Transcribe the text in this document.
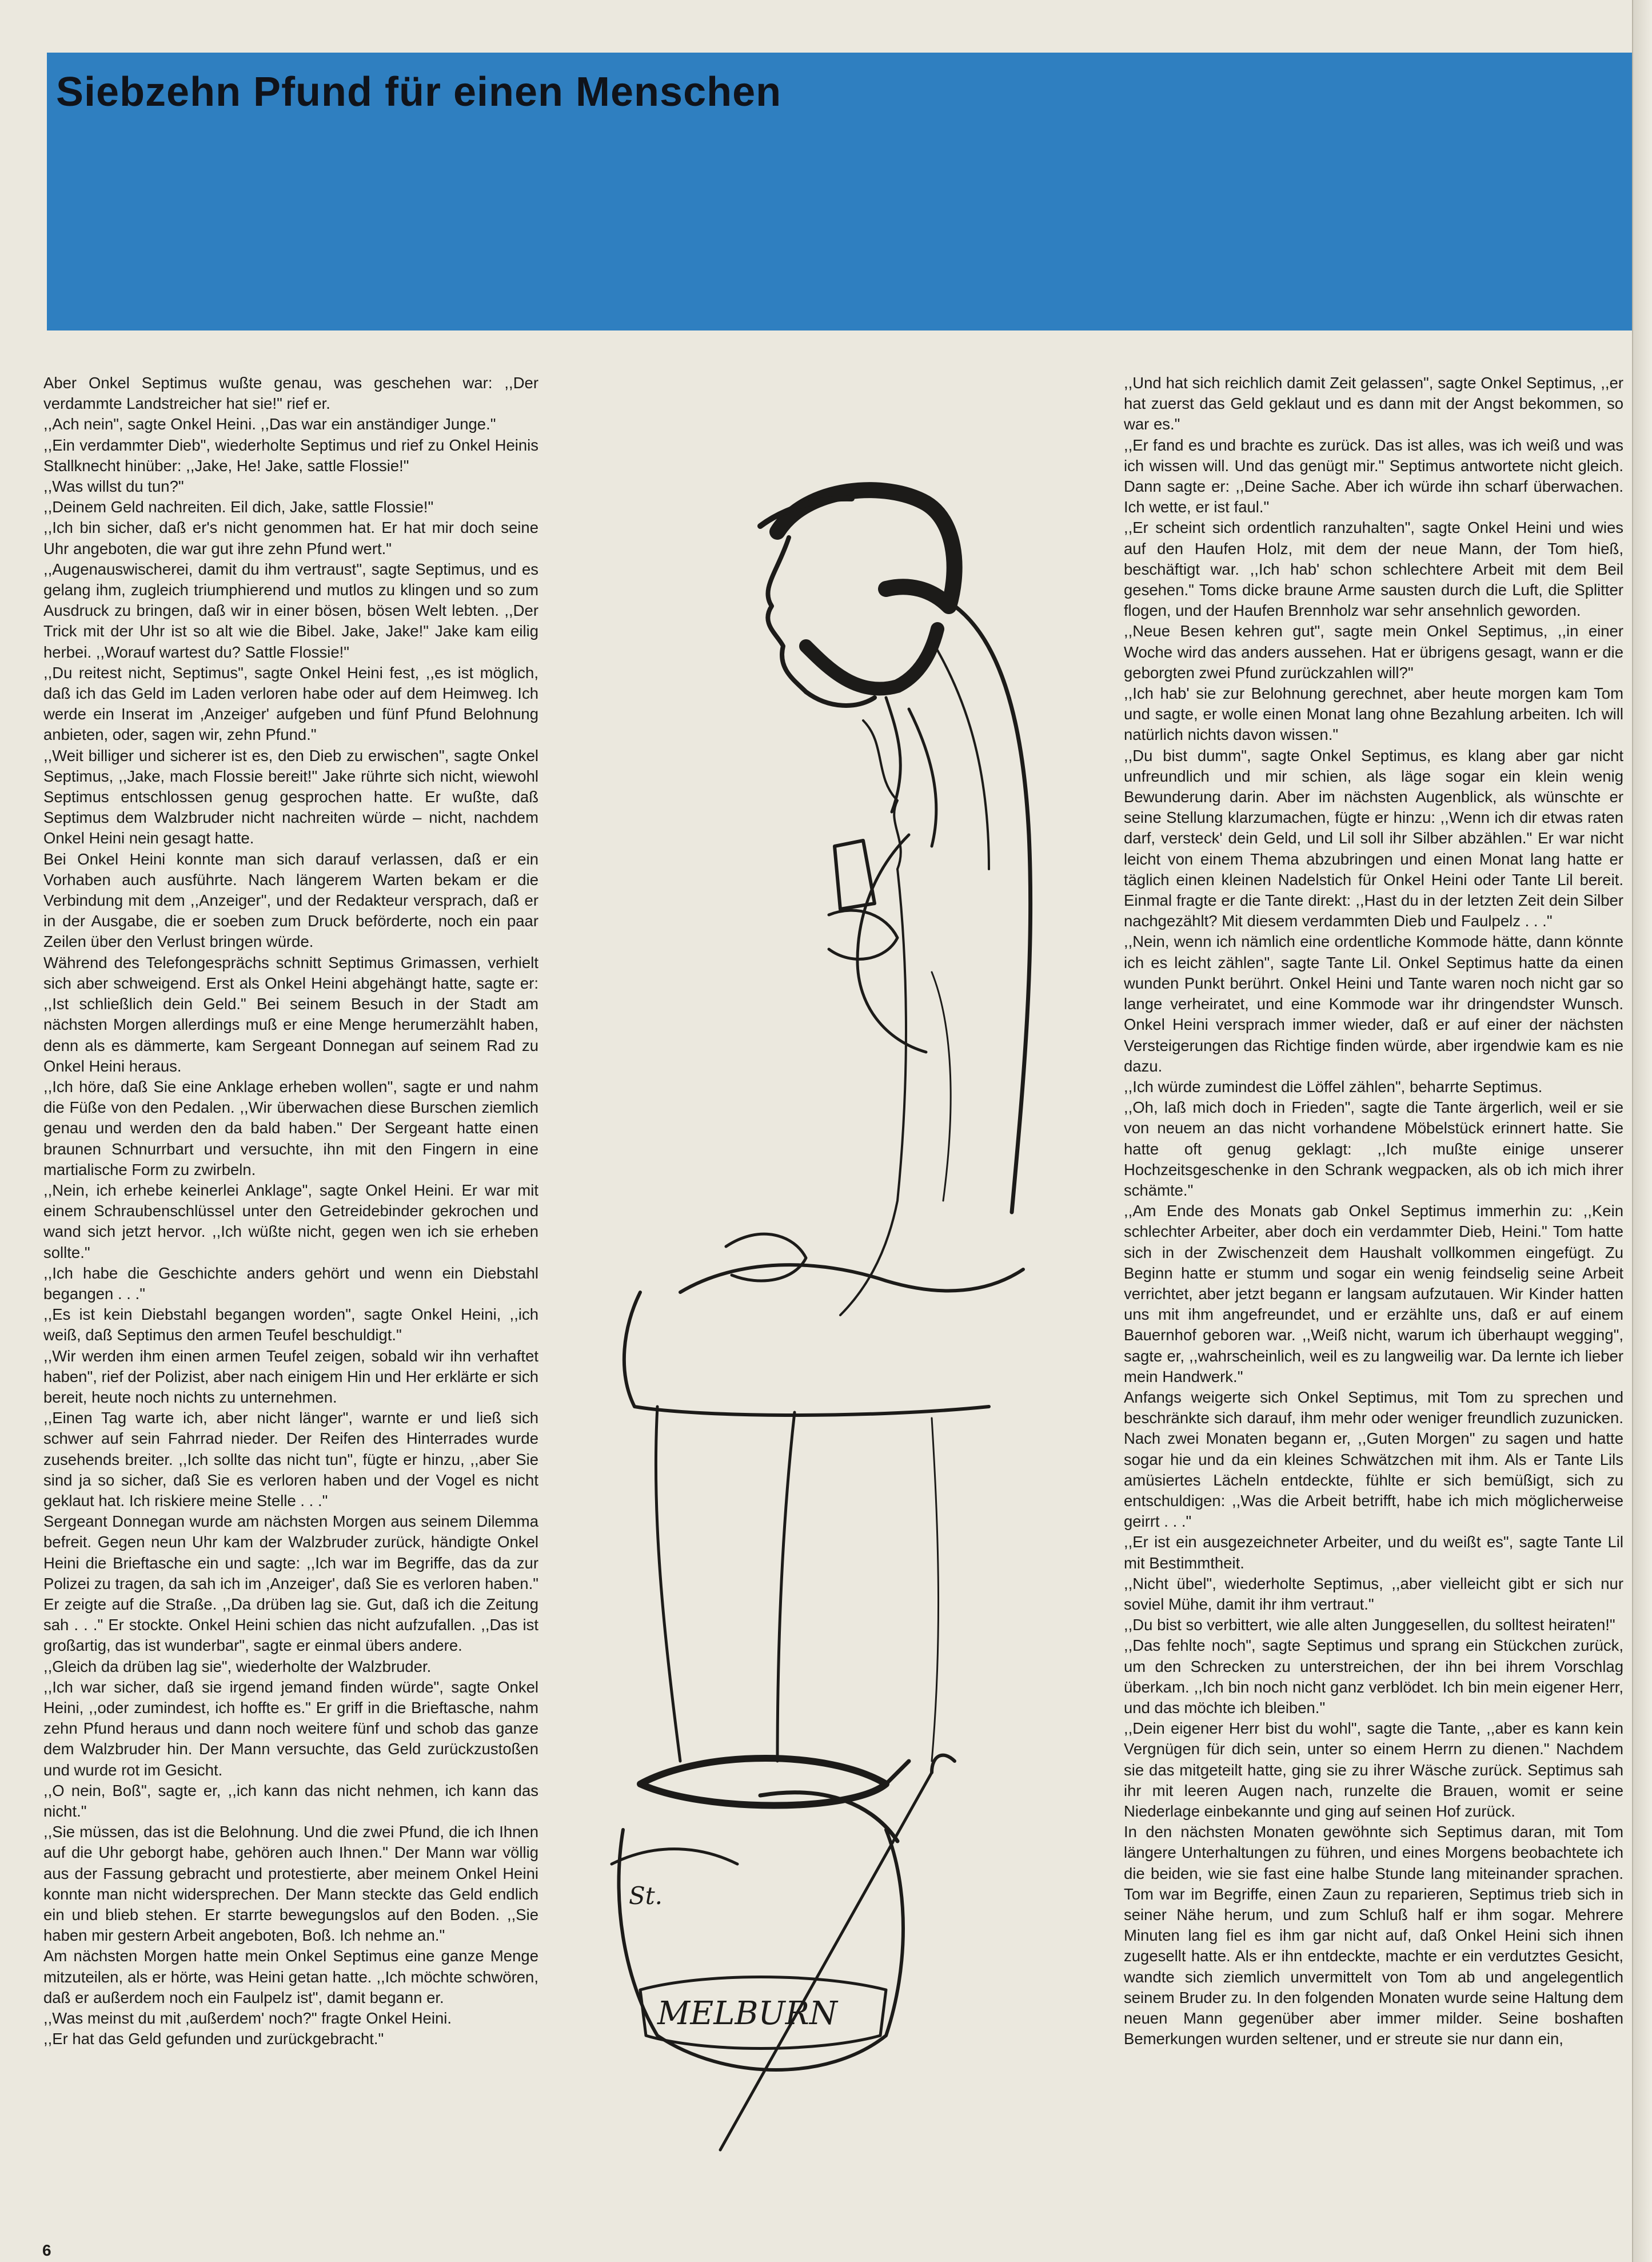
Siebzehn Pfund für einen Menschen

Aber Onkel Septimus wußte genau, was geschehen war: ,,Der verdammte Landstreicher hat sie!" rief er.

,,Ach nein", sagte Onkel Heini. ,,Das war ein anständiger Junge."

,,Ein verdammter Dieb", wiederholte Septimus und rief zu Onkel Heinis Stallknecht hinüber: ,,Jake, He! Jake, sattle Flossie!"

,,Was willst du tun?"

,,Deinem Geld nachreiten. Eil dich, Jake, sattle Flossie!"

,,Ich bin sicher, daß er's nicht genommen hat. Er hat mir doch seine Uhr angeboten, die war gut ihre zehn Pfund wert."

,,Augenauswischerei, damit du ihm vertraust", sagte Septimus, und es gelang ihm, zugleich triumphierend und mutlos zu klingen und so zum Ausdruck zu bringen, daß wir in einer bösen, bösen Welt lebten. ,,Der Trick mit der Uhr ist so alt wie die Bibel. Jake, Jake!" Jake kam eilig herbei. ,,Worauf wartest du? Sattle Flossie!"

,,Du reitest nicht, Septimus", sagte Onkel Heini fest, ,,es ist möglich, daß ich das Geld im Laden verloren habe oder auf dem Heimweg. Ich werde ein Inserat im ,Anzeiger' aufgeben und fünf Pfund Belohnung anbieten, oder, sagen wir, zehn Pfund."

,,Weit billiger und sicherer ist es, den Dieb zu erwischen", sagte Onkel Septimus, ,,Jake, mach Flossie bereit!" Jake rührte sich nicht, wiewohl Septimus entschlossen genug gesprochen hatte. Er wußte, daß Septimus dem Walzbruder nicht nachreiten würde – nicht, nachdem Onkel Heini nein gesagt hatte.

Bei Onkel Heini konnte man sich darauf verlassen, daß er ein Vorhaben auch ausführte. Nach längerem Warten bekam er die Verbindung mit dem ,,Anzeiger", und der Redakteur versprach, daß er in der Ausgabe, die er soeben zum Druck beförderte, noch ein paar Zeilen über den Verlust bringen würde.

Während des Telefongesprächs schnitt Septimus Grimassen, verhielt sich aber schweigend. Erst als Onkel Heini abgehängt hatte, sagte er: ,,Ist schließlich dein Geld." Bei seinem Besuch in der Stadt am nächsten Morgen allerdings muß er eine Menge herumerzählt haben, denn als es dämmerte, kam Sergeant Donnegan auf seinem Rad zu Onkel Heini heraus.

,,Ich höre, daß Sie eine Anklage erheben wollen", sagte er und nahm die Füße von den Pedalen. ,,Wir überwachen diese Burschen ziemlich genau und werden den da bald haben." Der Sergeant hatte einen braunen Schnurrbart und versuchte, ihn mit den Fingern in eine martialische Form zu zwirbeln.

,,Nein, ich erhebe keinerlei Anklage", sagte Onkel Heini. Er war mit einem Schraubenschlüssel unter den Getreidebinder gekrochen und wand sich jetzt hervor. ,,Ich wüßte nicht, gegen wen ich sie erheben sollte."

,,Ich habe die Geschichte anders gehört und wenn ein Diebstahl begangen . . ."

,,Es ist kein Diebstahl begangen worden", sagte Onkel Heini, ,,ich weiß, daß Septimus den armen Teufel beschuldigt."

,,Wir werden ihm einen armen Teufel zeigen, sobald wir ihn verhaftet haben", rief der Polizist, aber nach einigem Hin und Her erklärte er sich bereit, heute noch nichts zu unternehmen.

,,Einen Tag warte ich, aber nicht länger", warnte er und ließ sich schwer auf sein Fahrrad nieder. Der Reifen des Hinterrades wurde zusehends breiter. ,,Ich sollte das nicht tun", fügte er hinzu, ,,aber Sie sind ja so sicher, daß Sie es verloren haben und der Vogel es nicht geklaut hat. Ich riskiere meine Stelle . . ."

Sergeant Donnegan wurde am nächsten Morgen aus seinem Dilemma befreit. Gegen neun Uhr kam der Walzbruder zurück, händigte Onkel Heini die Brieftasche ein und sagte: ,,Ich war im Begriffe, das da zur Polizei zu tragen, da sah ich im ,Anzeiger', daß Sie es verloren haben." Er zeigte auf die Straße. ,,Da drüben lag sie. Gut, daß ich die Zeitung sah . . ." Er stockte. Onkel Heini schien das nicht aufzufallen. ,,Das ist großartig, das ist wunderbar", sagte er einmal übers andere.

,,Gleich da drüben lag sie", wiederholte der Walzbruder.

,,Ich war sicher, daß sie irgend jemand finden würde", sagte Onkel Heini, ,,oder zumindest, ich hoffte es." Er griff in die Brieftasche, nahm zehn Pfund heraus und dann noch weitere fünf und schob das ganze dem Walzbruder hin. Der Mann versuchte, das Geld zurückzustoßen und wurde rot im Gesicht.

,,O nein, Boß", sagte er, ,,ich kann das nicht nehmen, ich kann das nicht."

,,Sie müssen, das ist die Belohnung. Und die zwei Pfund, die ich Ihnen auf die Uhr geborgt habe, gehören auch Ihnen." Der Mann war völlig aus der Fassung gebracht und protestierte, aber meinem Onkel Heini konnte man nicht widersprechen. Der Mann steckte das Geld endlich ein und blieb stehen. Er starrte bewegungslos auf den Boden. ,,Sie haben mir gestern Arbeit angeboten, Boß. Ich nehme an."

Am nächsten Morgen hatte mein Onkel Septimus eine ganze Menge mitzuteilen, als er hörte, was Heini getan hatte. ,,Ich möchte schwören, daß er außerdem noch ein Faulpelz ist", damit begann er.

,,Was meinst du mit ,außerdem' noch?" fragte Onkel Heini.

,,Er hat das Geld gefunden und zurückgebracht."

St.
MELBURN

,,Und hat sich reichlich damit Zeit gelassen", sagte Onkel Septimus, ,,er hat zuerst das Geld geklaut und es dann mit der Angst bekommen, so war es."

,,Er fand es und brachte es zurück. Das ist alles, was ich weiß und was ich wissen will. Und das genügt mir." Septimus antwortete nicht gleich. Dann sagte er: ,,Deine Sache. Aber ich würde ihn scharf überwachen. Ich wette, er ist faul."

,,Er scheint sich ordentlich ranzuhalten", sagte Onkel Heini und wies auf den Haufen Holz, mit dem der neue Mann, der Tom hieß, beschäftigt war. ,,Ich hab' schon schlechtere Arbeit mit dem Beil gesehen." Toms dicke braune Arme sausten durch die Luft, die Splitter flogen, und der Haufen Brennholz war sehr ansehnlich geworden.

,,Neue Besen kehren gut", sagte mein Onkel Septimus, ,,in einer Woche wird das anders aussehen. Hat er übrigens gesagt, wann er die geborgten zwei Pfund zurückzahlen will?"

,,Ich hab' sie zur Belohnung gerechnet, aber heute morgen kam Tom und sagte, er wolle einen Monat lang ohne Bezahlung arbeiten. Ich will natürlich nichts davon wissen."

,,Du bist dumm", sagte Onkel Septimus, es klang aber gar nicht unfreundlich und mir schien, als läge sogar ein klein wenig Bewunderung darin. Aber im nächsten Augenblick, als wünschte er seine Stellung klarzumachen, fügte er hinzu: ,,Wenn ich dir etwas raten darf, versteck' dein Geld, und Lil soll ihr Silber abzählen." Er war nicht leicht von einem Thema abzubringen und einen Monat lang hatte er täglich einen kleinen Nadelstich für Onkel Heini oder Tante Lil bereit. Einmal fragte er die Tante direkt: ,,Hast du in der letzten Zeit dein Silber nachgezählt? Mit diesem verdammten Dieb und Faulpelz . . ."

,,Nein, wenn ich nämlich eine ordentliche Kommode hätte, dann könnte ich es leicht zählen", sagte Tante Lil. Onkel Septimus hatte da einen wunden Punkt berührt. Onkel Heini und Tante waren noch nicht gar so lange verheiratet, und eine Kommode war ihr dringendster Wunsch. Onkel Heini versprach immer wieder, daß er auf einer der nächsten Versteigerungen das Richtige finden würde, aber irgendwie kam es nie dazu.

,,Ich würde zumindest die Löffel zählen", beharrte Septimus.

,,Oh, laß mich doch in Frieden", sagte die Tante ärgerlich, weil er sie von neuem an das nicht vorhandene Möbelstück erinnert hatte. Sie hatte oft genug geklagt: ,,Ich mußte einige unserer Hochzeitsgeschenke in den Schrank wegpacken, als ob ich mich ihrer schämte."

,,Am Ende des Monats gab Onkel Septimus immerhin zu: ,,Kein schlechter Arbeiter, aber doch ein verdammter Dieb, Heini." Tom hatte sich in der Zwischenzeit dem Haushalt vollkommen eingefügt. Zu Beginn hatte er stumm und sogar ein wenig feindselig seine Arbeit verrichtet, aber jetzt begann er langsam aufzutauen. Wir Kinder hatten uns mit ihm angefreundet, und er erzählte uns, daß er auf einem Bauernhof geboren war. ,,Weiß nicht, warum ich überhaupt wegging", sagte er, ,,wahrscheinlich, weil es zu langweilig war. Da lernte ich lieber mein Handwerk."

Anfangs weigerte sich Onkel Septimus, mit Tom zu sprechen und beschränkte sich darauf, ihm mehr oder weniger freundlich zuzunicken. Nach zwei Monaten begann er, ,,Guten Morgen" zu sagen und hatte sogar hie und da ein kleines Schwätzchen mit ihm. Als er Tante Lils amüsiertes Lächeln entdeckte, fühlte er sich bemüßigt, sich zu entschuldigen: ,,Was die Arbeit betrifft, habe ich mich möglicherweise geirrt . . ."

,,Er ist ein ausgezeichneter Arbeiter, und du weißt es", sagte Tante Lil mit Bestimmtheit.

,,Nicht übel", wiederholte Septimus, ,,aber vielleicht gibt er sich nur soviel Mühe, damit ihr ihm vertraut."

,,Du bist so verbittert, wie alle alten Junggesellen, du solltest heiraten!"

,,Das fehlte noch", sagte Septimus und sprang ein Stückchen zurück, um den Schrecken zu unterstreichen, der ihn bei ihrem Vorschlag überkam. ,,Ich bin noch nicht ganz verblödet. Ich bin mein eigener Herr, und das möchte ich bleiben."

,,Dein eigener Herr bist du wohl", sagte die Tante, ,,aber es kann kein Vergnügen für dich sein, unter so einem Herrn zu dienen." Nachdem sie das mitgeteilt hatte, ging sie zu ihrer Wäsche zurück. Septimus sah ihr mit leeren Augen nach, runzelte die Brauen, womit er seine Niederlage einbekannte und ging auf seinen Hof zurück.

In den nächsten Monaten gewöhnte sich Septimus daran, mit Tom längere Unterhaltungen zu führen, und eines Morgens beobachtete ich die beiden, wie sie fast eine halbe Stunde lang miteinander sprachen. Tom war im Begriffe, einen Zaun zu reparieren, Septimus trieb sich in seiner Nähe herum, und zum Schluß half er ihm sogar. Mehrere Minuten lang fiel es ihm gar nicht auf, daß Onkel Heini sich ihnen zugesellt hatte. Als er ihn entdeckte, machte er ein verdutztes Gesicht, wandte sich ziemlich unvermittelt von Tom ab und angelegentlich seinem Bruder zu. In den folgenden Monaten wurde seine Haltung dem neuen Mann gegenüber aber immer milder. Seine boshaften Bemerkungen wurden seltener, und er streute sie nur dann ein,

6
